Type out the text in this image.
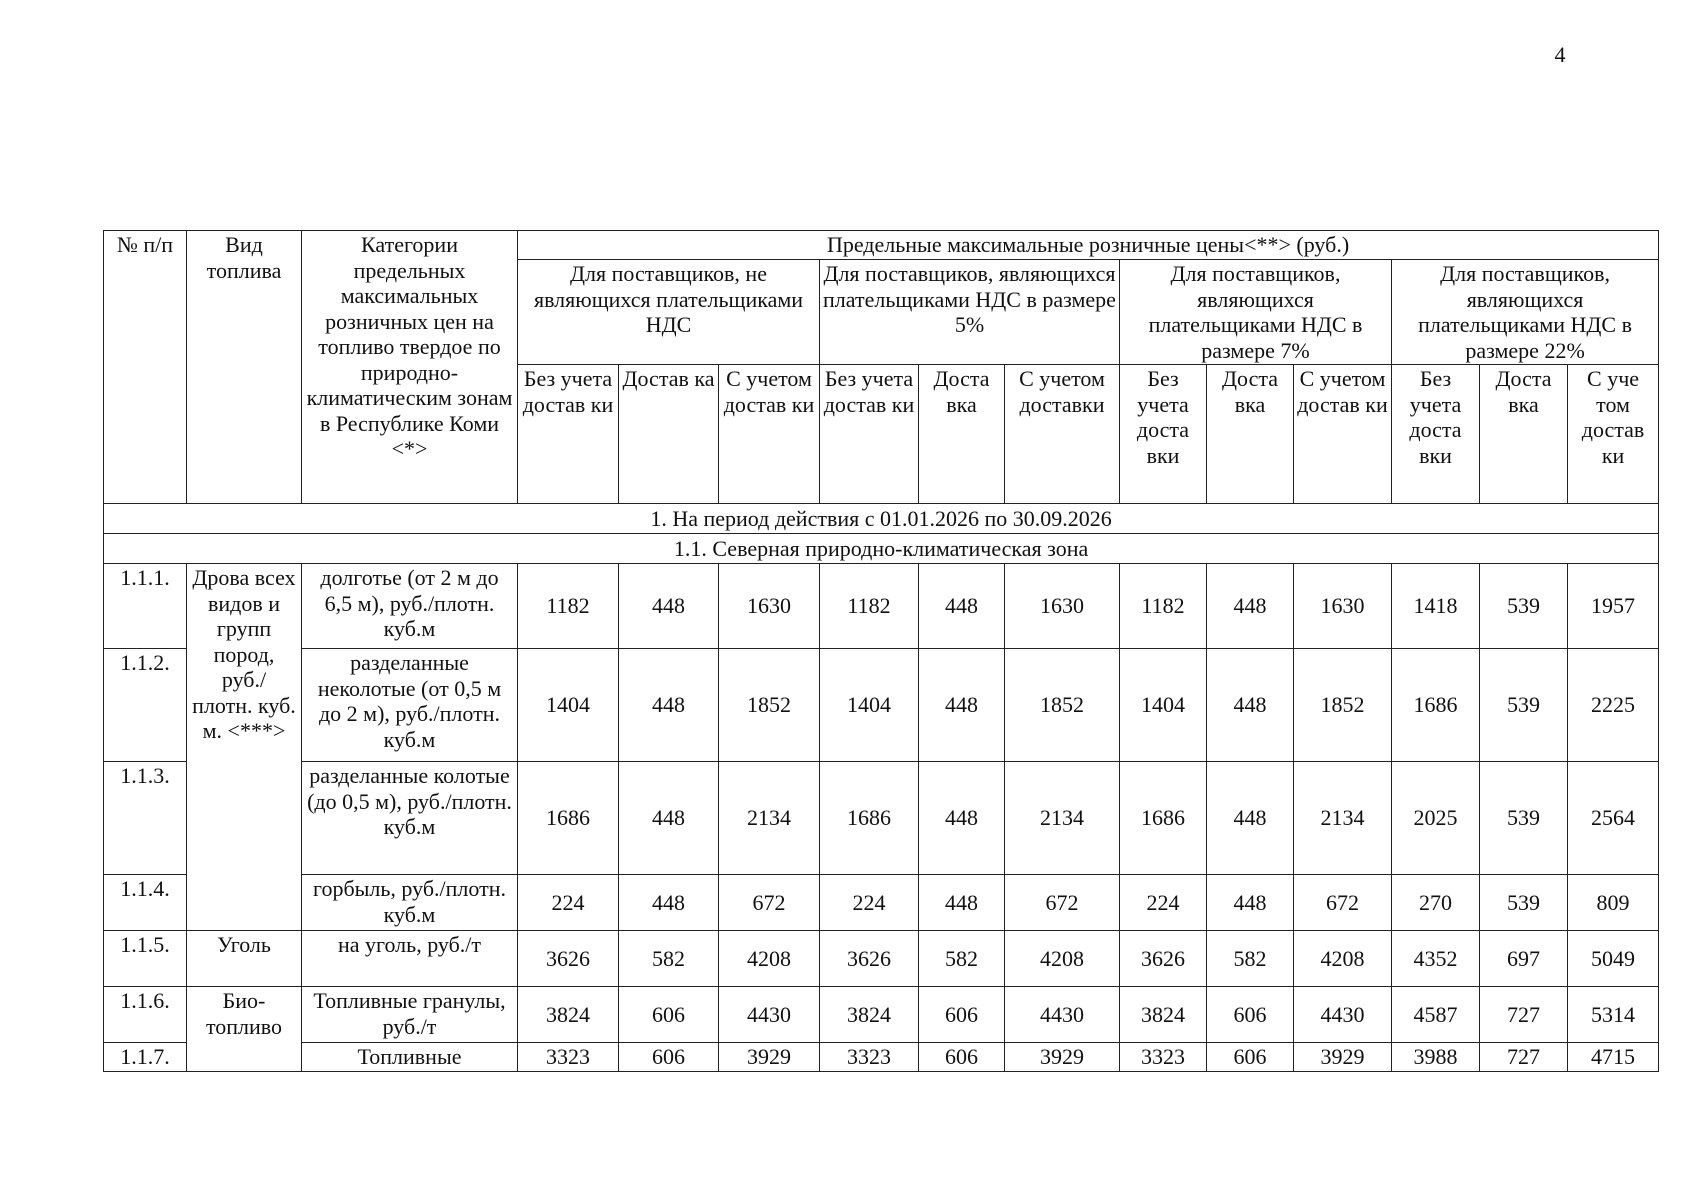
4
№ п/п	Вид топлива	Категории предельных максимальных розничных цен на топливо твердое по природно-климатическим зонам в Республике Коми <*>	Предельные максимальные розничные цены<**> (руб.)											
			Для поставщиков, не являющихся плательщиками НДС			Для поставщиков, являющихся плательщиками НДС в размере 5%			Для поставщиков, являющихся плательщиками НДС в размере 7%			Для поставщиков, являющихся плательщиками НДС в размере 22%		
			Без учета достав ки	Достав ка	С учетом достав ки	Без учета достав ки	Доста вка	С учетом доставки	Без учета доста вки	Доста вка	С учетом достав ки	Без учета доста вки	Доста вка	С уче том достав ки
1. На период действия с 01.01.2026 по 30.09.2026														
1.1. Северная природно-климатическая зона														
1.1.1.	Дрова всех видов и групп пород, руб./ плотн. куб. м. <***>	долготье (от 2 м до 6,5 м), руб./плотн. куб.м	1182	448	1630	1182	448	1630	1182	448	1630	1418	539	1957
1.1.2.		разделанные неколотые (от 0,5 м до 2 м), руб./плотн. куб.м	1404	448	1852	1404	448	1852	1404	448	1852	1686	539	2225
1.1.3.		разделанные колотые (до 0,5 м), руб./плотн. куб.м	1686	448	2134	1686	448	2134	1686	448	2134	2025	539	2564
1.1.4.		горбыль, руб./плотн. куб.м	224	448	672	224	448	672	224	448	672	270	539	809
1.1.5.	Уголь	на уголь, руб./т	3626	582	4208	3626	582	4208	3626	582	4208	4352	697	5049
1.1.6.	Био-топливо	Топливные гранулы, руб./т	3824	606	4430	3824	606	4430	3824	606	4430	4587	727	5314
1.1.7.		Топливные	3323	606	3929	3323	606	3929	3323	606	3929	3988	727	4715
